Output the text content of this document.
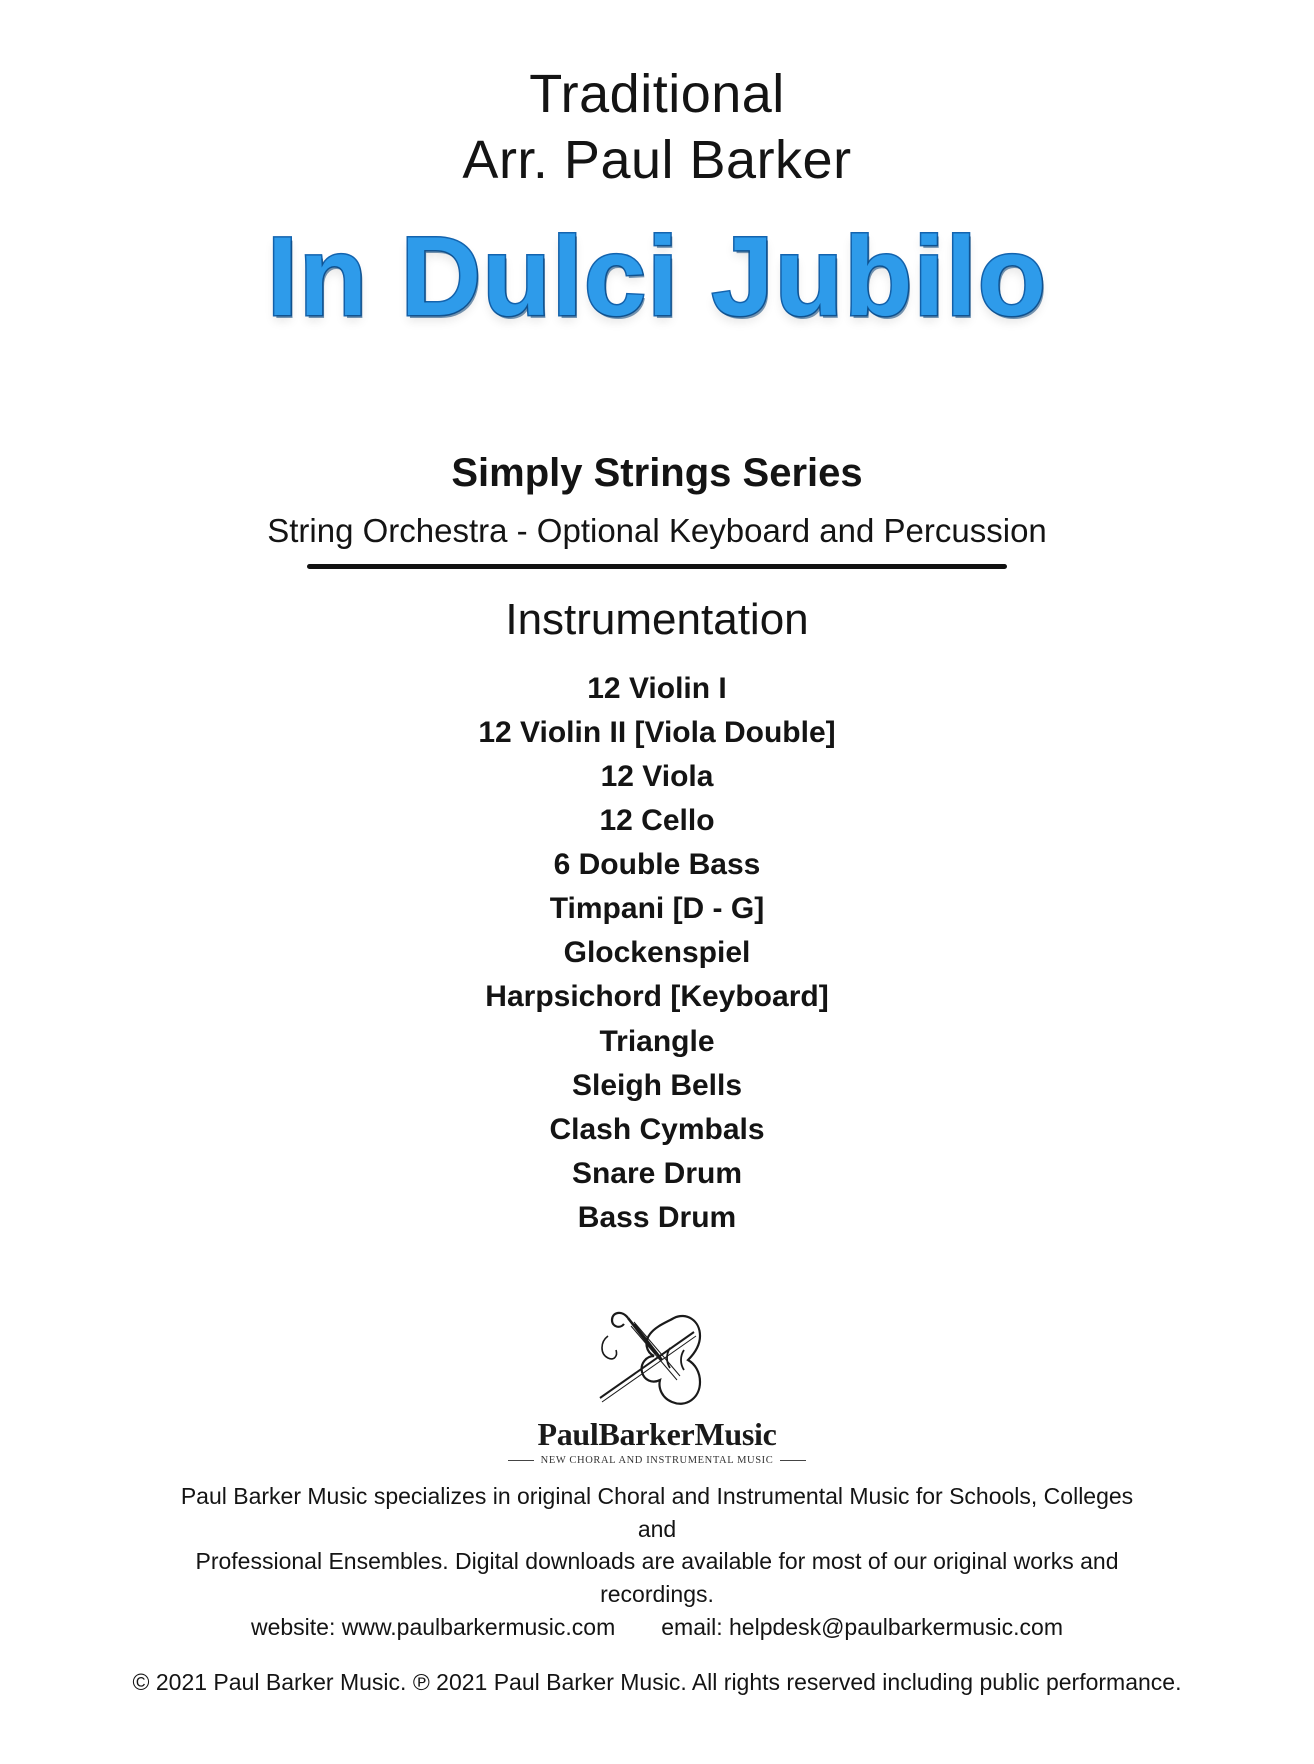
Traditional
Arr. Paul Barker
In Dulci Jubilo
Simply Strings Series
String Orchestra - Optional Keyboard and Percussion
Instrumentation
12 Violin I
12 Violin II [Viola Double]
12 Viola
12 Cello
6 Double Bass
Timpani [D - G]
Glockenspiel
Harpsichord [Keyboard]
Triangle
Sleigh Bells
Clash Cymbals
Snare Drum
Bass Drum
PaulBarkerMusic
NEW CHORAL AND INSTRUMENTAL MUSIC

Paul Barker Music specializes in original Choral and Instrumental Music for Schools, Colleges and

Professional Ensembles. Digital downloads are available for most of our original works and recordings.

website: www.paulbarkermusic.com email: helpdesk@paulbarkermusic.com

© 2021 Paul Barker Music. ℗ 2021 Paul Barker Music. All rights reserved including public performance.
